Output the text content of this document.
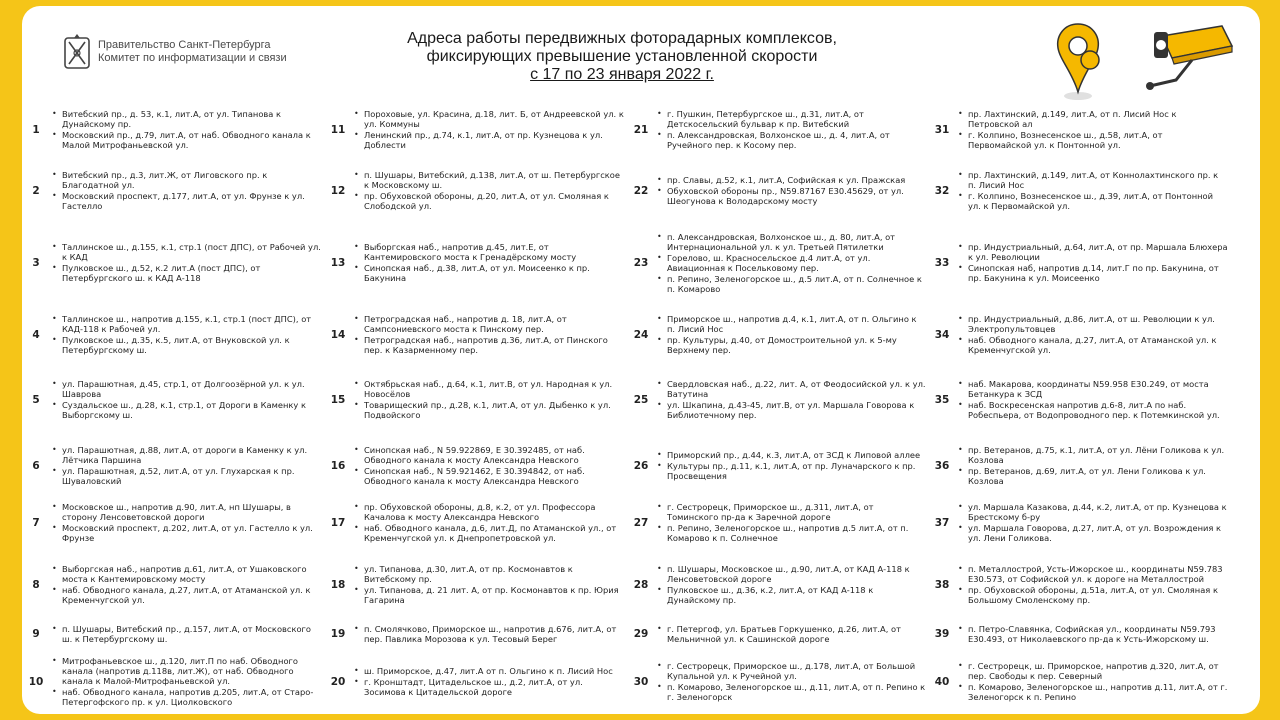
Правительство Санкт-Петербурга
Комитет по информатизации и связи
Адреса работы передвижных фоторадарных комплексов,
фиксирующих превышение установленной скорости
с 17 по 23 января 2022 г.
1
• Витебский пр., д. 53, к.1, лит.А, от ул. Типанова к Дунайскому пр.
• Московский пр., д.79, лит.А, от наб. Обводного канала к Малой Митрофаньевской ул.
2
• Витебский пр., д.3, лит.Ж, от Лиговского пр. к Благодатной ул.
• Московский проспект, д.177, лит.А, от ул. Фрунзе к ул. Гастелло
3
• Таллинское ш., д.155, к.1, стр.1 (пост ДПС), от Рабочей ул. к КАД
• Пулковское ш., д.52, к.2 лит.А (пост ДПС), от Петербургского ш. к КАД А-118
4
• Таллинское ш., напротив д.155, к.1, стр.1 (пост ДПС), от КАД-118 к Рабочей ул.
• Пулковское ш., д.35, к.5, лит.А, от Внуковской ул. к Петербургскому ш.
5
• ул. Парашютная, д.45, стр.1, от Долгоозёрной ул. к ул. Шаврова
• Суздальское ш., д.28, к.1, стр.1, от Дороги в Каменку к Выборгскому ш.
6
• ул. Парашютная, д.88, лит.А, от дороги в Каменку к ул. Лётчика Паршина
• ул. Парашютная, д.52, лит.А, от ул. Глухарская к пр. Шуваловский
7
• Московское ш., напротив д.90, лит.А, нп Шушары, в сторону Ленсоветовской дороги
• Московский проспект, д.202, лит.А, от ул. Гастелло к ул. Фрунзе
8
• Выборгская наб., напротив д.61, лит.А, от Ушаковского моста к Кантемировскому мосту
• наб. Обводного канала, д.27, лит.А, от Атаманской ул. к Кременчугской ул.
9	• п. Шушары, Витебский пр., д.157, лит.А, от Московского ш. к Петербургскому ш.
10
• Митрофаньевское ш., д.120, лит.П по наб. Обводного канала (напротив д.118в, лит.Ж), от наб. Обводного канала к Малой-Митрофаньевской ул.
• наб. Обводного канала, напротив д.205, лит.А, от Старо-Петергофского пр. к ул. Циолковского
11
• Пороховые, ул. Красина, д.18, лит. Б, от Андреевской ул. к ул. Коммуны
• Ленинский пр., д.74, к.1, лит.А, от пр. Кузнецова к ул. Доблести
12
• п. Шушары, Витебский, д.138, лит.А, от ш. Петербургское к Московскому ш.
• пр. Обуховской обороны, д.20, лит.А, от ул. Смоляная к Слободской ул.
13
• Выборгская наб., напротив д.45, лит.Е, от Кантемировского моста к Гренадёрскому мосту
• Синопская наб., д.38, лит.А, от ул. Моисеенко к пр. Бакунина
14
• Петроградская наб., напротив д. 18, лит.А, от Сампсониевского моста к Пинскому пер.
• Петроградская наб., напротив д.36, лит.А, от Пинского пер. к Казарменному пер.
15
• Октябрьская наб., д.64, к.1, лит.В, от ул. Народная к ул. Новосёлов
• Товарищеский пр., д.28, к.1, лит.А, от ул. Дыбенко к ул. Подвойского
16
• Синопская наб., N 59.922869, E 30.392485, от наб. Обводного канала к мосту Александра Невского
• Синопская наб., N 59.921462, E 30.394842, от наб. Обводного канала к мосту Александра Невского
17
• пр. Обуховской обороны, д.8, к.2, от ул. Профессора Качалова к мосту Александра Невского
• наб. Обводного канала, д.6, лит.Д, по Атаманской ул., от Кременчугской ул. к Днепропетровской ул.
18
• ул. Типанова, д.30, лит.А, от пр. Космонавтов к Витебскому пр.
• ул. Типанова, д. 21 лит. А, от пр. Космонавтов к пр. Юрия Гагарина
19	• п. Смолячково, Приморское ш., напротив д.676, лит.А, от пер. Павлика Морозова к ул. Тесовый Берег
20
• ш. Приморское, д.47, лит.А от п. Ольгино к п. Лисий Нос
• г. Кронштадт, Цитадельское ш., д.2, лит.А, от ул. Зосимова к Цитадельской дороге
21
• г. Пушкин, Петербургское ш., д.31, лит.А, от Детскосельский бульвар к пр. Витебский
• п. Александровская, Волхонское ш., д. 4, лит.А, от Ручейного пер. к Косому пер.
22
• пр. Славы, д.52, к.1, лит.А, Софийская к ул. Пражская
• Обуховской обороны пр., N59.87167 E30.45629, от ул. Шеогунова к Володарскому мосту
23
• п. Александровская, Волхонское ш., д. 80, лит.А, от Интернациональной ул. к ул. Третьей Пятилетки
• Горелово, ш. Красносельское д.4 лит.А, от ул. Авиационная к Посельковому пер.
• п. Репино, Зеленогорское ш., д.5 лит.А, от п. Солнечное к п. Комарово
24
• Приморское ш., напротив д.4, к.1, лит.А, от п. Ольгино к п. Лисий Нос
• пр. Культуры, д.40, от Домостроительной ул. к 5-му Верхнему пер.
25
• Свердловская наб., д.22, лит. А, от Феодосийской ул. к ул. Ватутина
• ул. Шкапина, д.43-45, лит.В, от ул. Маршала Говорова к Библиотечному пер.
26
• Приморский пр., д.44, к.3, лит.А, от ЗСД к Липовой аллее
• Культуры пр., д.11, к.1, лит.А, от пр. Луначарского к пр. Просвещения
27
• г. Сестрорецк, Приморское ш., д.311, лит.А, от Томинского пр-да к Заречной дороге
• п. Репино, Зеленогорское ш., напротив д.5 лит.А, от п. Комарово к п. Солнечное
28
• п. Шушары, Московское ш., д.90, лит.А, от КАД А-118 к Ленсоветовской дороге
• Пулковское ш., д.36, к.2, лит.А, от КАД А-118 к Дунайскому пр.
29	• г. Петергоф, ул. Братьев Горкушенко, д.26, лит.А, от Мельничной ул. к Сашинской дороге
30
• г. Сестрорецк, Приморское ш., д.178, лит.А, от Большой Купальной ул. к Ручейной ул.
• п. Комарово, Зеленогорское ш., д.11, лит.А, от п. Репино к г. Зеленогорск
31
• пр. Лахтинский, д.149, лит.А, от п. Лисий Нос к Петровской ал
• г. Колпино, Вознесенское ш., д.58, лит.А, от Первомайской ул. к Понтонной ул.
32
• пр. Лахтинский, д.149, лит.А, от Коннолахтинского пр. к п. Лисий Нос
• г. Колпино, Вознесенское ш., д.39, лит.А, от Понтонной ул. к Первомайской ул.
33
• пр. Индустриальный, д.64, лит.А, от пр. Маршала Блюхера к ул. Революции
• Синопская наб, напротив д.14, лит.Г по пр. Бакунина, от пр. Бакунина к ул. Моисеенко
34
• пр. Индустриальный, д.86, лит.А, от ш. Революции к ул. Электропультовцев
• наб. Обводного канала, д.27, лит.А, от Атаманской ул. к Кременчугской ул.
35
• наб. Макарова, координаты N59.958 E30.249, от моста Бетанкура к ЗСД
• наб. Воскресенская напротив д.6-8, лит.А по наб. Робеспьера, от Водопроводного пер. к Потемкинской ул.
36
• пр. Ветеранов, д.75, к.1, лит.А, от ул. Лёни Голикова к ул. Козлова
• пр. Ветеранов, д.69, лит.А, от ул. Лени Голикова к ул. Козлова
37
• ул. Маршала Казакова, д.44, к.2, лит.А, от пр. Кузнецова к Брестскому б-ру
• ул. Маршала Говорова, д.27, лит.А, от ул. Возрождения к ул. Лени Голикова.
38
• п. Металлострой, Усть-Ижорское ш., координаты N59.783 E30.573, от Софийской ул. к дороге на Металлострой
• пр. Обуховской обороны, д.51а, лит.А, от ул. Смоляная к Большому Смоленскому пр.
39	• п. Петро-Славянка, Софийская ул., координаты N59.793 E30.493, от Николаевского пр-да к Усть-Ижорскому ш.
40
• г. Сестрорецк, ш. Приморское, напротив д.320, лит.А, от пер. Свободы к пер. Северный
• п. Комарово, Зеленогорское ш., напротив д.11, лит.А, от г. Зеленогорск к п. Репино
